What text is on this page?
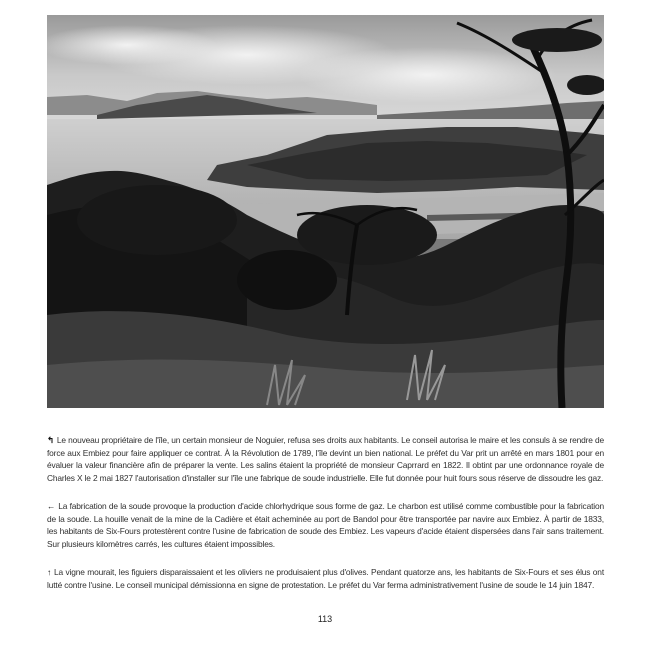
↰ Le nouveau propriétaire de l'île, un certain monsieur de Noguier, refusa ses droits aux habitants. Le conseil autorisa le maire et les consuls à se rendre de force aux Embiez pour faire appliquer ce contrat. À la Révolution de 1789, l'île devint un bien national. Le préfet du Var prit un arrêté en mars 1801 pour en évaluer la valeur financière afin de préparer la vente. Les salins étaient la propriété de monsieur Caprrard en 1822. Il obtint par une ordonnance royale de Charles X le 2 mai 1827 l'autorisation d'installer sur l'île une fabrique de soude industrielle. Elle fut donnée pour huit fours sous réserve de dissoudre les gaz.
← La fabrication de la soude provoque la production d'acide chlorhydrique sous forme de gaz. Le charbon est utilisé comme combustible pour la fabrication de la soude. La houille venait de la mine de la Cadière et était acheminée au port de Bandol pour être transportée par navire aux Embiez. À partir de 1833, les habitants de Six-Fours protestèrent contre l'usine de fabrication de soude des Embiez. Les vapeurs d'acide étaient dispersées dans l'air sans traitement. Sur plusieurs kilomètres carrés, les cultures étaient impossibles.
↑ La vigne mourait, les figuiers disparaissaient et les oliviers ne produisaient plus d'olives. Pendant quatorze ans, les habitants de Six-Fours et ses élus ont lutté contre l'usine. Le conseil municipal démissionna en signe de protestation. Le préfet du Var ferma administrativement l'usine de soude le 14 juin 1847.
113
